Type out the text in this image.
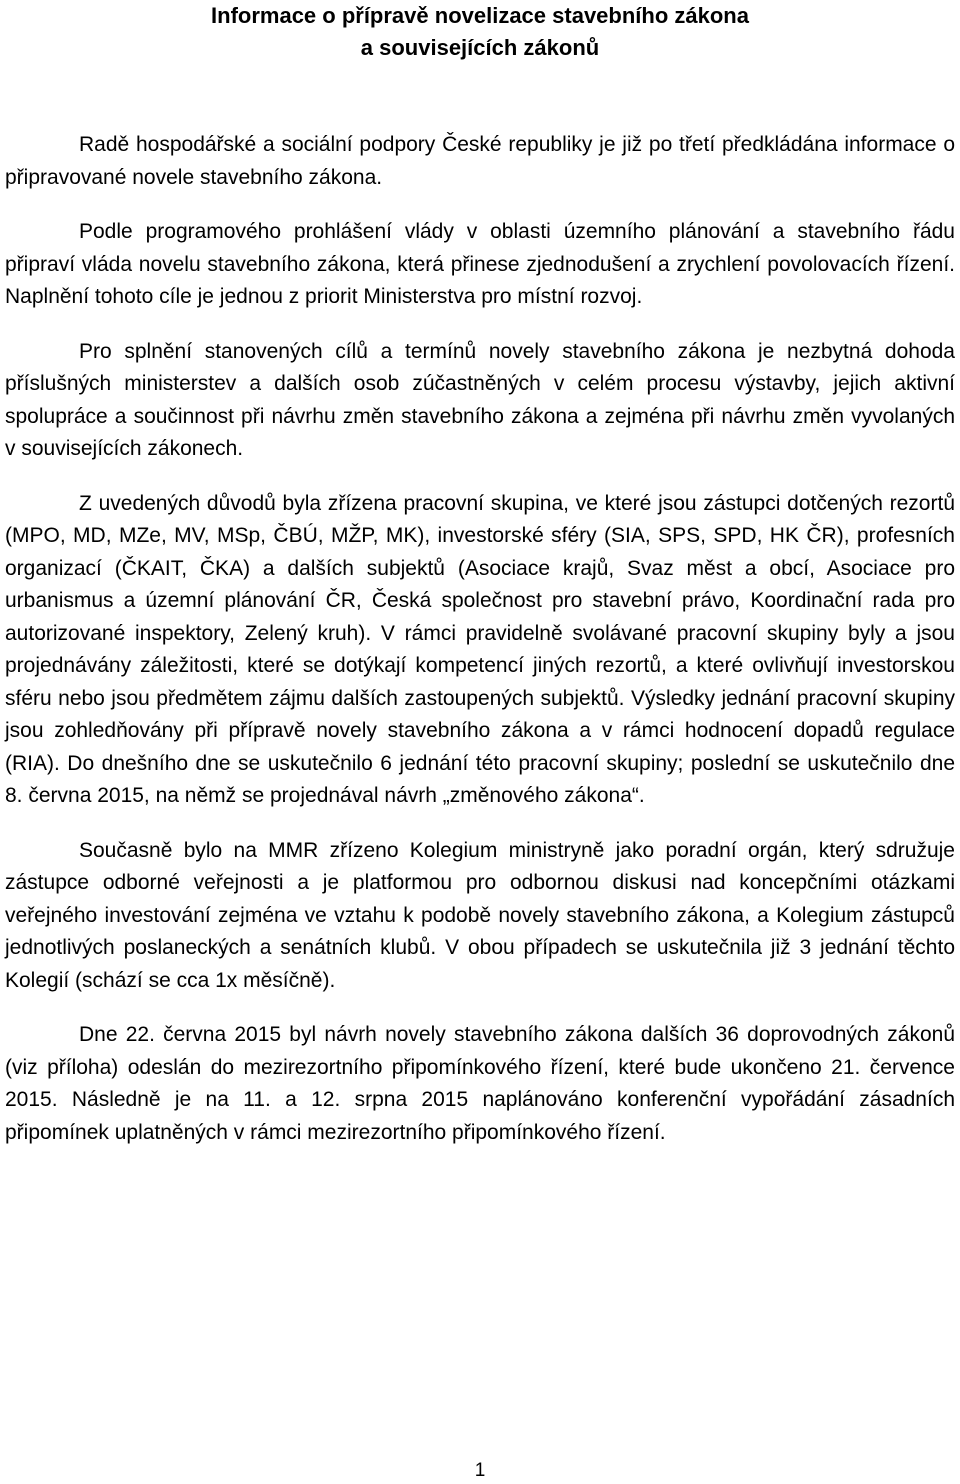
Informace o přípravě novelizace stavebního zákona
a souvisejících zákonů

Radě hospodářské a sociální podpory České republiky je již po třetí předkládána informace o připravované novele stavebního zákona.

Podle programového prohlášení vlády v oblasti územního plánování a stavebního řádu připraví vláda novelu stavebního zákona, která přinese zjednodušení a zrychlení povolovacích řízení. Naplnění tohoto cíle je jednou z priorit Ministerstva pro místní rozvoj.

Pro splnění stanovených cílů a termínů novely stavebního zákona je nezbytná dohoda příslušných ministerstev a dalších osob zúčastněných v celém procesu výstavby, jejich aktivní spolupráce a součinnost při návrhu změn stavebního zákona a zejména při návrhu změn vyvolaných v souvisejících zákonech.

Z uvedených důvodů byla zřízena pracovní skupina, ve které jsou zástupci dotčených rezortů (MPO, MD, MZe, MV, MSp, ČBÚ, MŽP, MK), investorské sféry (SIA, SPS, SPD, HK ČR), profesních organizací (ČKAIT, ČKA) a dalších subjektů (Asociace krajů, Svaz měst a obcí, Asociace pro urbanismus a územní plánování ČR, Česká společnost pro stavební právo, Koordinační rada pro autorizované inspektory, Zelený kruh). V rámci pravidelně svolávané pracovní skupiny byly a jsou projednávány záležitosti, které se dotýkají kompetencí jiných rezortů, a které ovlivňují investorskou sféru nebo jsou předmětem zájmu dalších zastoupených subjektů. Výsledky jednání pracovní skupiny jsou zohledňovány při přípravě novely stavebního zákona a v rámci hodnocení dopadů regulace (RIA). Do dnešního dne se uskutečnilo 6 jednání této pracovní skupiny; poslední se uskutečnilo dne 8. června 2015, na němž se projednával návrh „změnového zákona“.

Současně bylo na MMR zřízeno Kolegium ministryně jako poradní orgán, který sdružuje zástupce odborné veřejnosti a je platformou pro odbornou diskusi nad koncepčními otázkami veřejného investování zejména ve vztahu k podobě novely stavebního zákona, a Kolegium zástupců jednotlivých poslaneckých a senátních klubů. V obou případech se uskutečnila již 3 jednání těchto Kolegií (schází se cca 1x měsíčně).

Dne 22. června 2015 byl návrh novely stavebního zákona dalších 36 doprovodných zákonů (viz příloha) odeslán do mezirezortního připomínkového řízení, které bude ukončeno 21. července 2015. Následně je na 11. a 12. srpna 2015 naplánováno konferenční vypořádání zásadních připomínek uplatněných v rámci mezirezortního připomínkového řízení.

1
